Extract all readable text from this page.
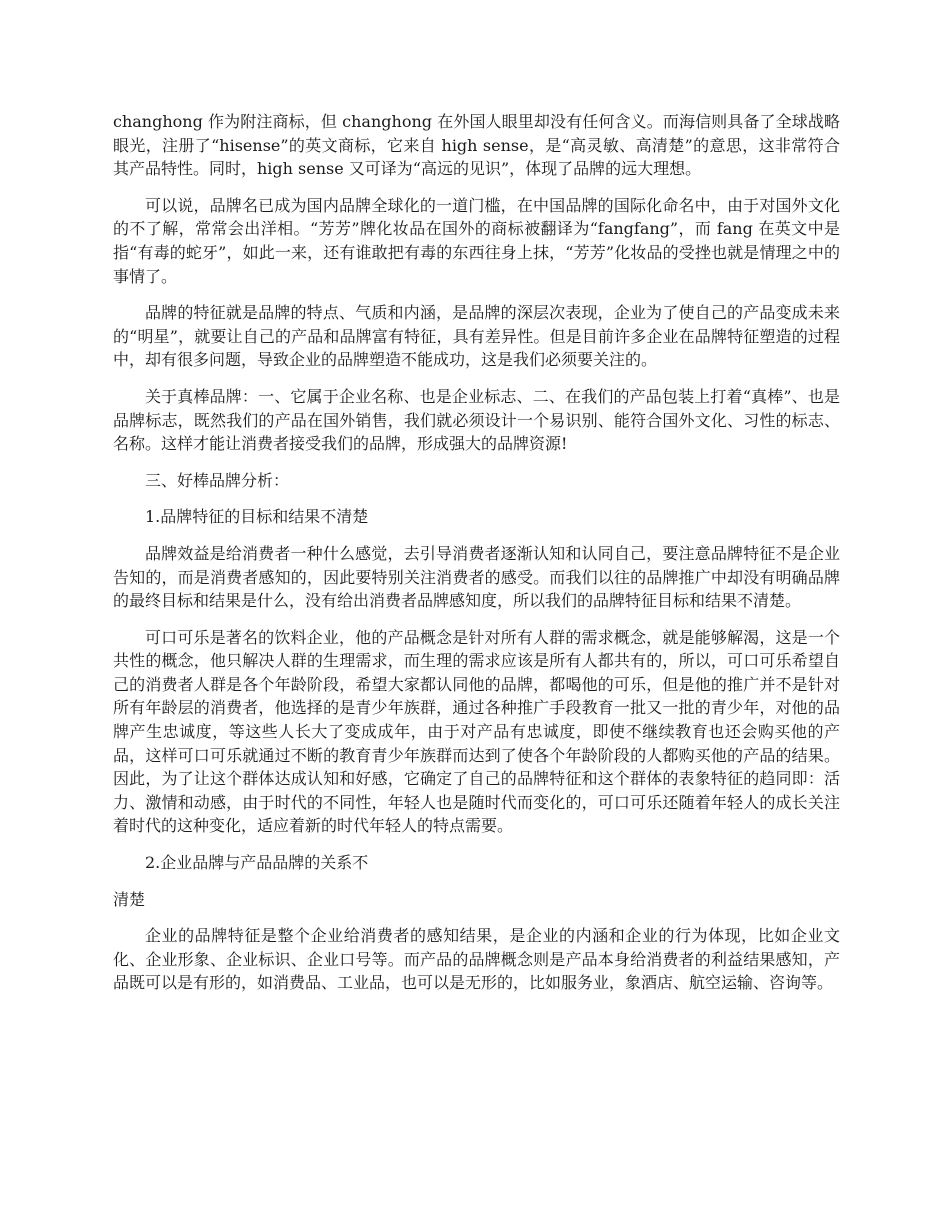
changhong 作为附注商标，但 changhong 在外国人眼里却没有任何含义。而海信则具备了全球战略眼光，注册了“hisense”的英文商标，它来自 high sense，是“高灵敏、高清楚”的意思，这非常符合其产品特性。同时，high sense 又可译为“高远的见识”，体现了品牌的远大理想。

可以说，品牌名已成为国内品牌全球化的一道门槛，在中国品牌的国际化命名中，由于对国外文化的不了解，常常会出洋相。“芳芳”牌化妆品在国外的商标被翻译为“fangfang”，而 fang 在英文中是指“有毒的蛇牙”，如此一来，还有谁敢把有毒的东西往身上抹，“芳芳”化妆品的受挫也就是情理之中的事情了。

品牌的特征就是品牌的特点、气质和内涵，是品牌的深层次表现，企业为了使自己的产品变成未来的“明星”，就要让自己的产品和品牌富有特征，具有差异性。但是目前许多企业在品牌特征塑造的过程中，却有很多问题，导致企业的品牌塑造不能成功，这是我们必须要关注的。

关于真棒品牌：一、它属于企业名称、也是企业标志、二、在我们的产品包装上打着“真棒”、也是品牌标志，既然我们的产品在国外销售，我们就必须设计一个易识别、能符合国外文化、习性的标志、名称。这样才能让消费者接受我们的品牌，形成强大的品牌资源!

三、好棒品牌分析：

1.品牌特征的目标和结果不清楚

品牌效益是给消费者一种什么感觉，去引导消费者逐渐认知和认同自己，要注意品牌特征不是企业告知的，而是消费者感知的，因此要特别关注消费者的感受。而我们以往的品牌推广中却没有明确品牌的最终目标和结果是什么，没有给出消费者品牌感知度，所以我们的品牌特征目标和结果不清楚。

可口可乐是著名的饮料企业，他的产品概念是针对所有人群的需求概念，就是能够解渴，这是一个共性的概念，他只解决人群的生理需求，而生理的需求应该是所有人都共有的，所以，可口可乐希望自己的消费者人群是各个年龄阶段，希望大家都认同他的品牌，都喝他的可乐，但是他的推广并不是针对所有年龄层的消费者，他选择的是青少年族群，通过各种推广手段教育一批又一批的青少年，对他的品牌产生忠诚度，等这些人长大了变成成年，由于对产品有忠诚度，即使不继续教育也还会购买他的产品，这样可口可乐就通过不断的教育青少年族群而达到了使各个年龄阶段的人都购买他的产品的结果。因此，为了让这个群体达成认知和好感，它确定了自己的品牌特征和这个群体的表象特征的趋同即：活力、激情和动感，由于时代的不同性，年轻人也是随时代而变化的，可口可乐还随着年轻人的成长关注着时代的这种变化，适应着新的时代年轻人的特点需要。

2.企业品牌与产品品牌的关系不

清楚

企业的品牌特征是整个企业给消费者的感知结果，是企业的内涵和企业的行为体现，比如企业文化、企业形象、企业标识、企业口号等。而产品的品牌概念则是产品本身给消费者的利益结果感知，产品既可以是有形的，如消费品、工业品，也可以是无形的，比如服务业，象酒店、航空运输、咨询等。
